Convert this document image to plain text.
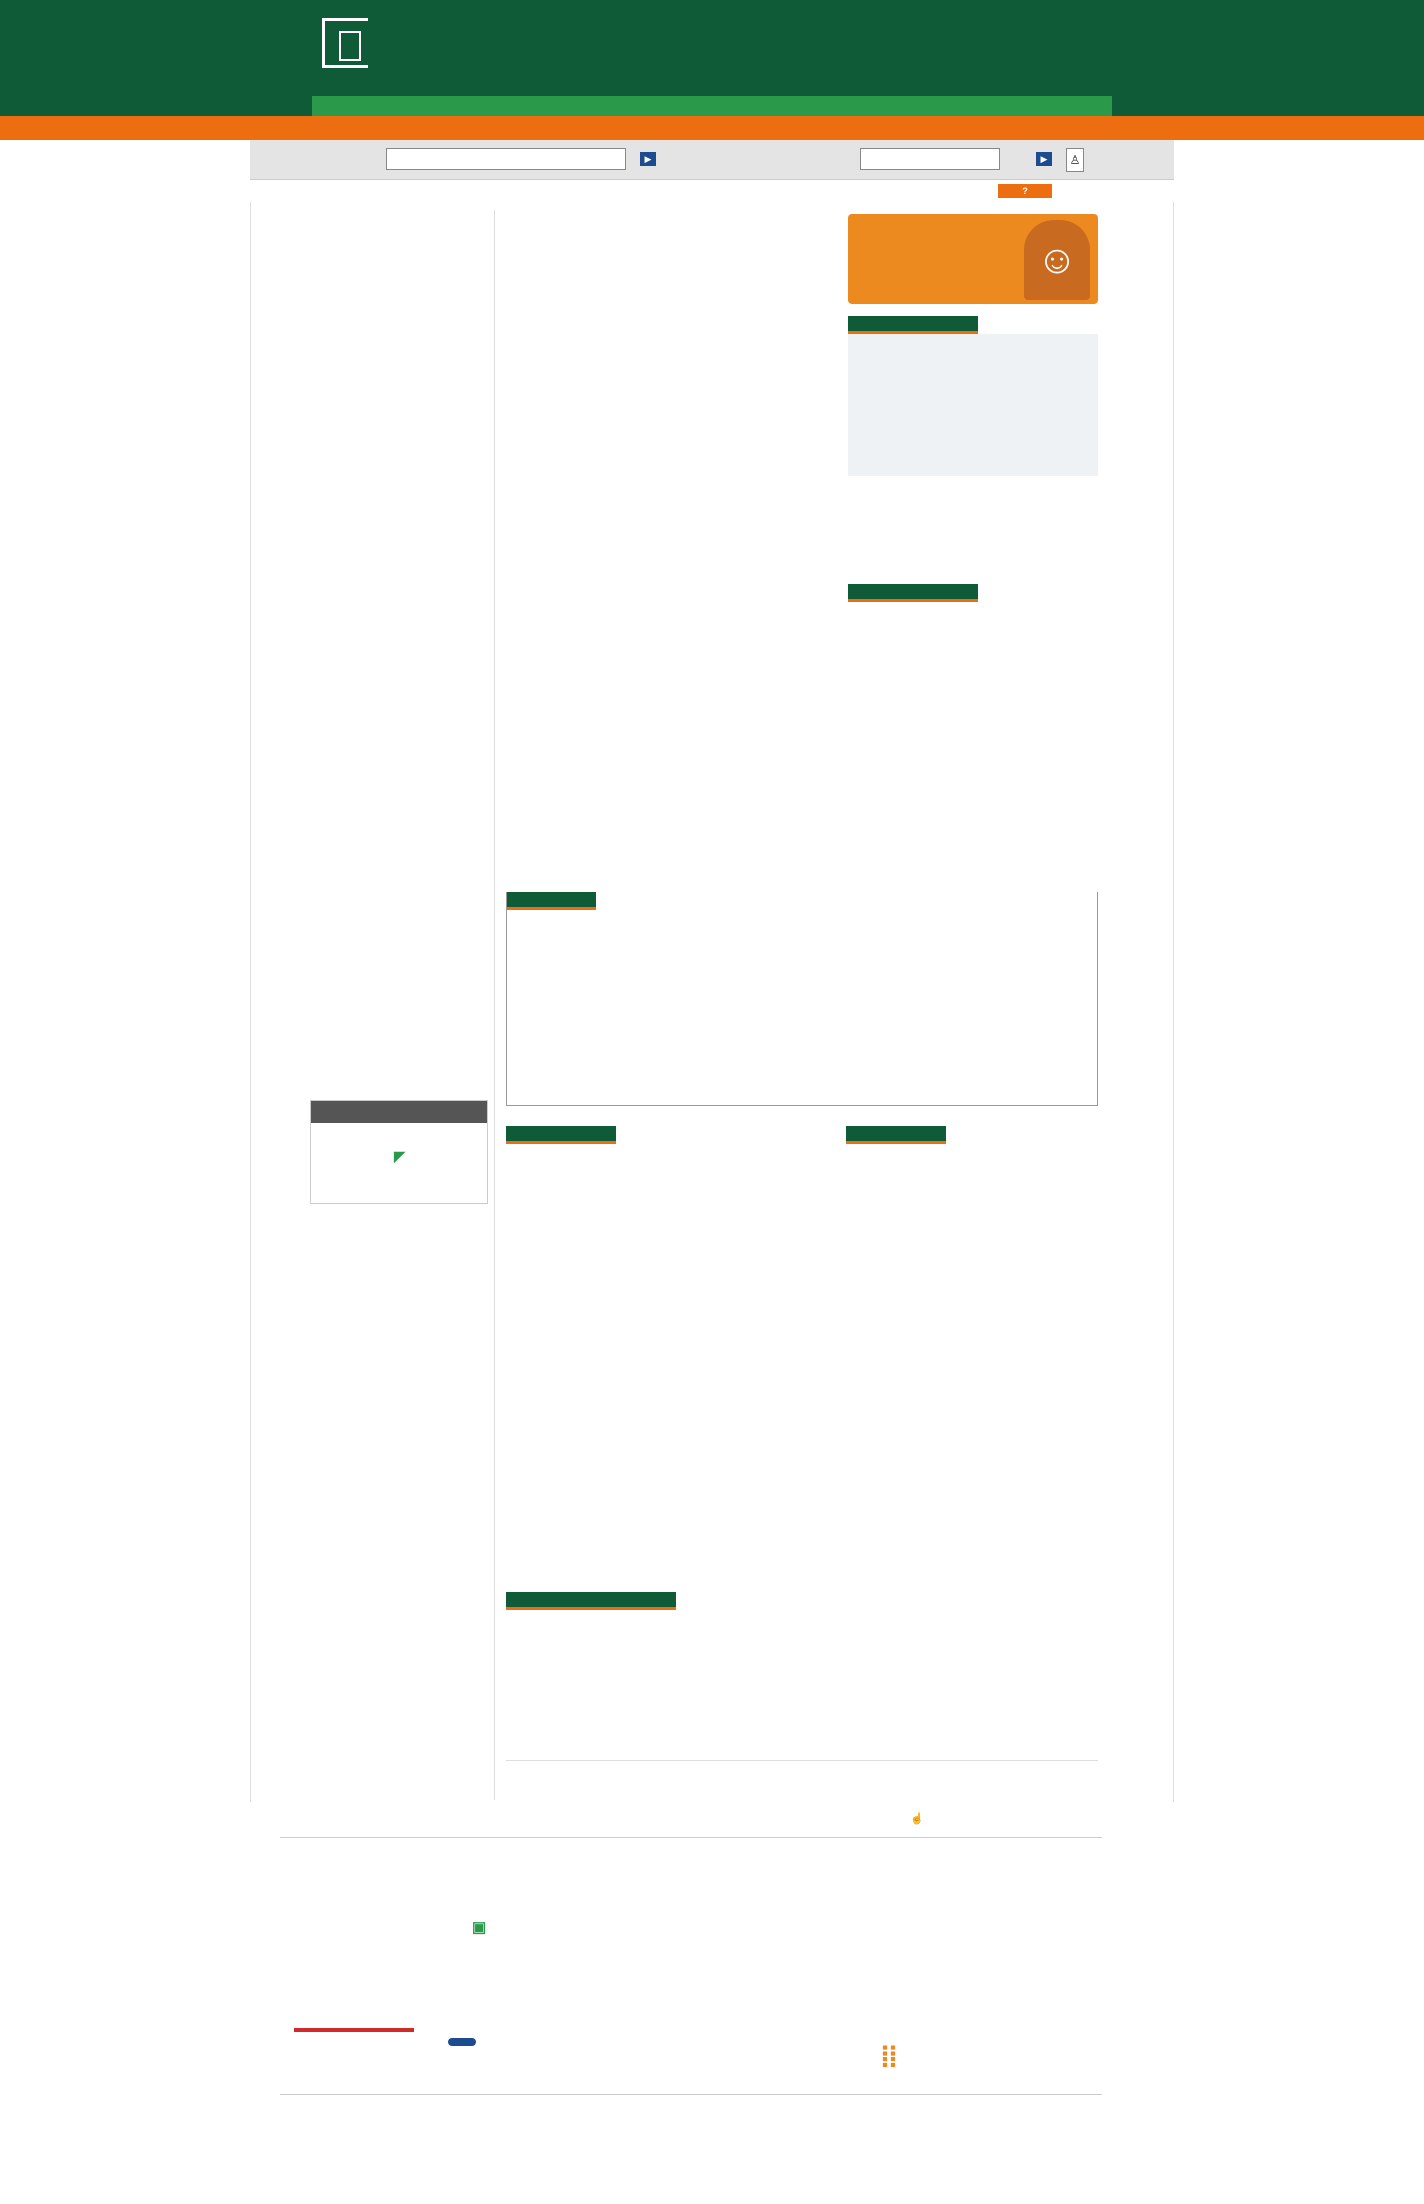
▶	▶	♙
?
◤
☺
☝
▣
⁞⁞
